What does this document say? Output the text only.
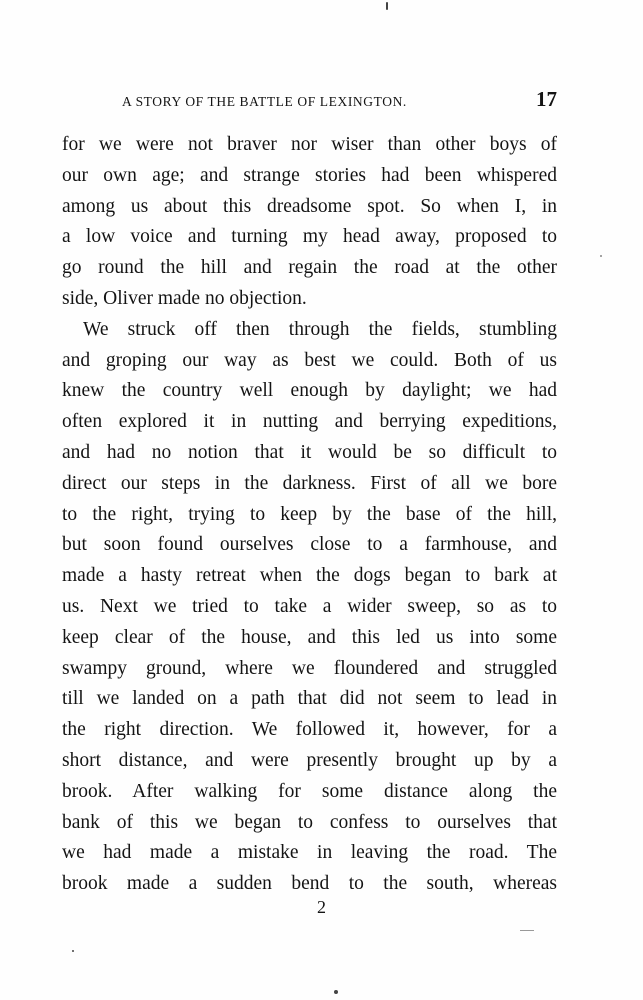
A STORY OF THE BATTLE OF LEXINGTON.	17

for we were not braver nor wiser than other boys of
our own age; and strange stories had been whispered
among us about this dreadsome spot. So when I, in
a low voice and turning my head away, proposed to
go round the hill and regain the road at the other
side, Oliver made no objection.

We struck off then through the fields, stumbling
and groping our way as best we could. Both of us
knew the country well enough by daylight; we had
often explored it in nutting and berrying expeditions,
and had no notion that it would be so difficult to
direct our steps in the darkness. First of all we bore
to the right, trying to keep by the base of the hill,
but soon found ourselves close to a farmhouse, and
made a hasty retreat when the dogs began to bark at
us. Next we tried to take a wider sweep, so as to
keep clear of the house, and this led us into some
swampy ground, where we floundered and struggled
till we landed on a path that did not seem to lead in
the right direction. We followed it, however, for a
short distance, and were presently brought up by a
brook. After walking for some distance along the
bank of this we began to confess to ourselves that
we had made a mistake in leaving the road. The
brook made a sudden bend to the south, whereas

2
